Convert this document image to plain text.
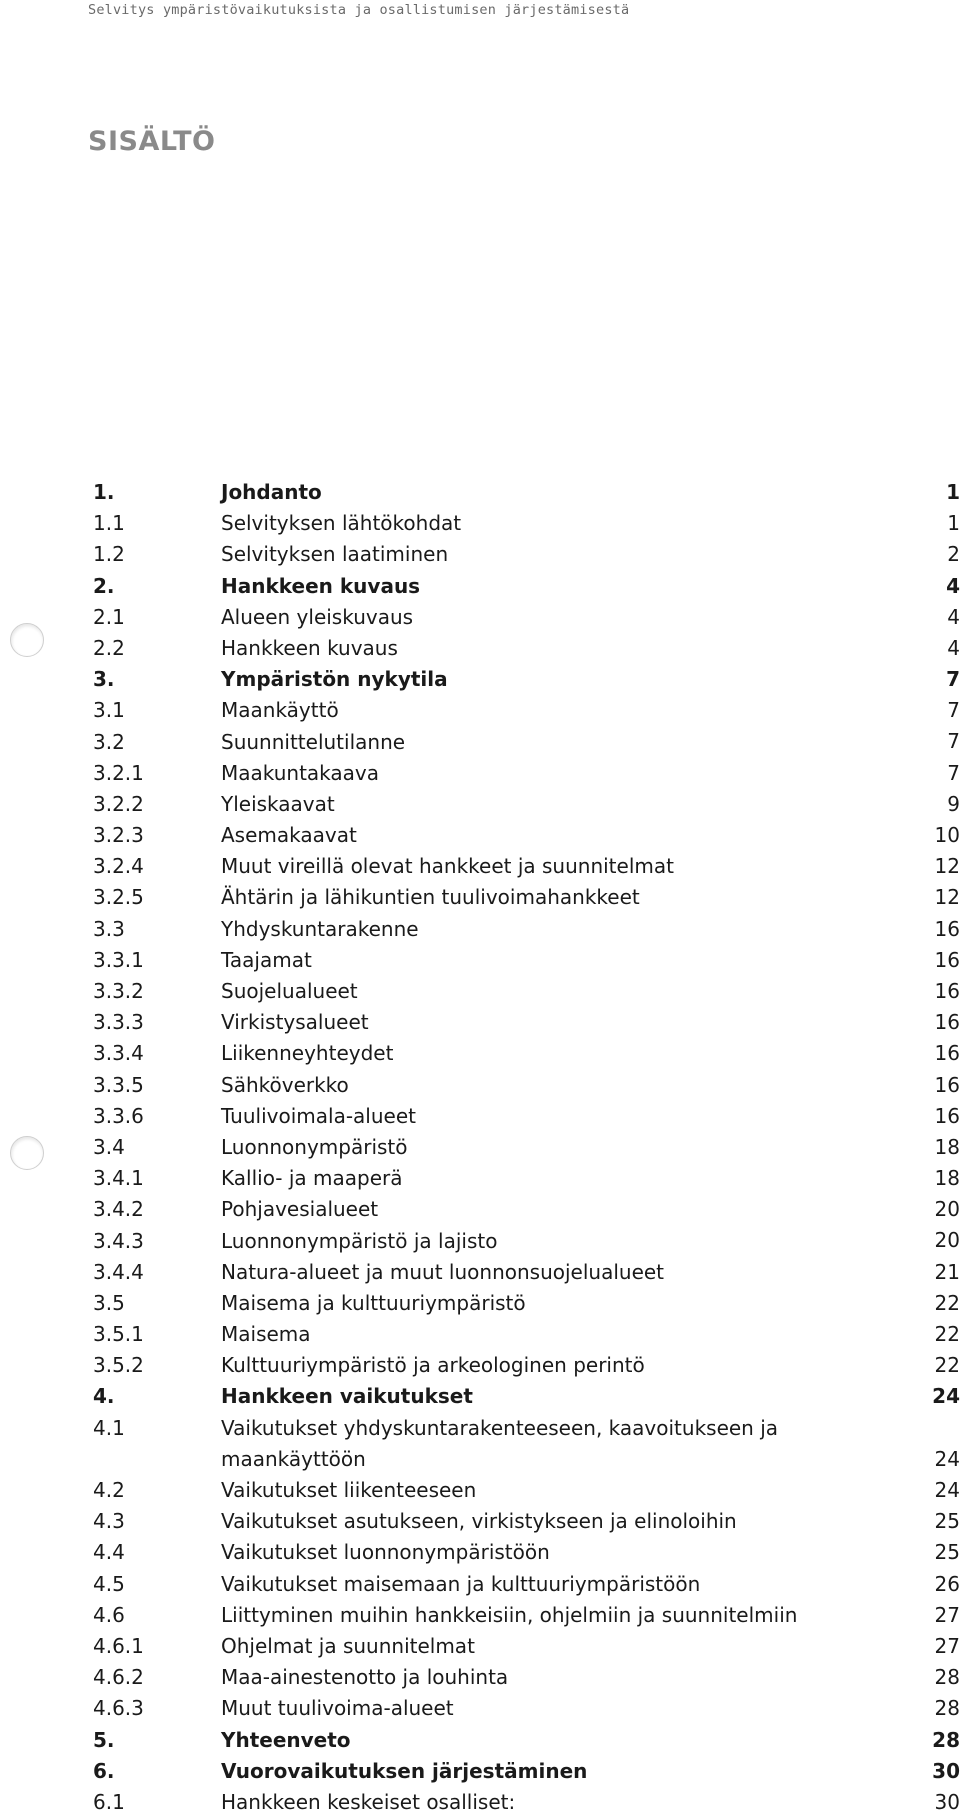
Selvitys ympäristövaikutuksista ja osallistumisen järjestämisestä
SISÄLTÖ
1.	Johdanto	1
1.1	Selvityksen lähtökohdat	1
1.2	Selvityksen laatiminen	2
2.	Hankkeen kuvaus	4
2.1	Alueen yleiskuvaus	4
2.2	Hankkeen kuvaus	4
3.	Ympäristön nykytila	7
3.1	Maankäyttö	7
3.2	Suunnittelutilanne	7
3.2.1	Maakuntakaava	7
3.2.2	Yleiskaavat	9
3.2.3	Asemakaavat	10
3.2.4	Muut vireillä olevat hankkeet ja suunnitelmat	12
3.2.5	Ähtärin ja lähikuntien tuulivoimahankkeet	12
3.3	Yhdyskuntarakenne	16
3.3.1	Taajamat	16
3.3.2	Suojelualueet	16
3.3.3	Virkistysalueet	16
3.3.4	Liikenneyhteydet	16
3.3.5	Sähköverkko	16
3.3.6	Tuulivoimala-alueet	16
3.4	Luonnonympäristö	18
3.4.1	Kallio- ja maaperä	18
3.4.2	Pohjavesialueet	20
3.4.3	Luonnonympäristö ja lajisto	20
3.4.4	Natura-alueet ja muut luonnonsuojelualueet	21
3.5	Maisema ja kulttuuriympäristö	22
3.5.1	Maisema	22
3.5.2	Kulttuuriympäristö ja arkeologinen perintö	22
4.	Hankkeen vaikutukset	24
4.1	Vaikutukset yhdyskuntarakenteeseen, kaavoitukseen ja maankäyttöön	24
4.2	Vaikutukset liikenteeseen	24
4.3	Vaikutukset asutukseen, virkistykseen ja elinoloihin	25
4.4	Vaikutukset luonnonympäristöön	25
4.5	Vaikutukset maisemaan ja kulttuuriympäristöön	26
4.6	Liittyminen muihin hankkeisiin, ohjelmiin ja suunnitelmiin	27
4.6.1	Ohjelmat ja suunnitelmat	27
4.6.2	Maa-ainestenotto ja louhinta	28
4.6.3	Muut tuulivoima-alueet	28
5.	Yhteenveto	28
6.	Vuorovaikutuksen järjestäminen	30
6.1	Hankkeen keskeiset osalliset:	30
